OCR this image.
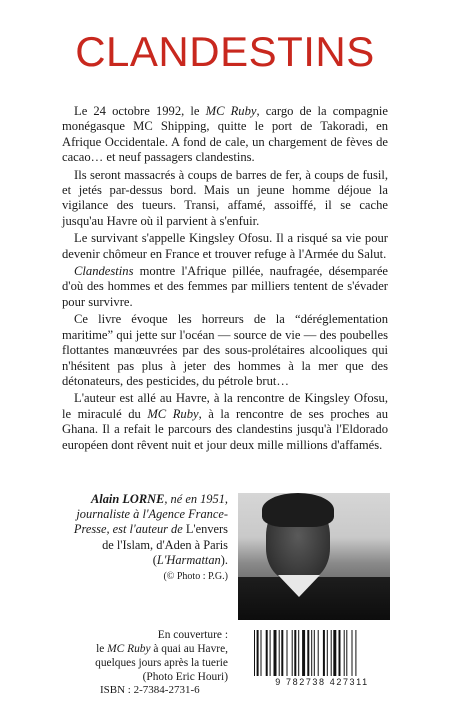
CLANDESTINS

Le 24 octobre 1992, le MC Ruby, cargo de la compagnie monégasque MC Shipping, quitte le port de Takoradi, en Afrique Occidentale. A fond de cale, un chargement de fèves de cacao… et neuf passagers clandestins.

Ils seront massacrés à coups de barres de fer, à coups de fusil, et jetés par-dessus bord. Mais un jeune homme déjoue la vigilance des tueurs. Transi, affamé, assoiffé, il se cache jusqu'au Havre où il parvient à s'enfuir.

Le survivant s'appelle Kingsley Ofosu. Il a risqué sa vie pour devenir chômeur en France et trouver refuge à l'Armée du Salut.

Clandestins montre l'Afrique pillée, naufragée, désemparée d'où des hommes et des femmes par milliers tentent de s'évader pour survivre.

Ce livre évoque les horreurs de la “déréglementation maritime” qui jette sur l'océan — source de vie — des poubelles flottantes manœuvrées par des sous-prolétaires alcooliques qui n'hésitent pas plus à jeter des hommes à la mer que des détonateurs, des pesticides, du pétrole brut…

L'auteur est allé au Havre, à la rencontre de Kingsley Ofosu, le miraculé du MC Ruby, à la rencontre de ses proches au Ghana. Il a refait le parcours des clandestins jusqu'à l'Eldorado européen dont rêvent nuit et jour deux mille millions d'affamés.

Alain LORNE, né en 1951, journaliste à l'Agence France-Presse, est l'auteur de L'envers de l'Islam, d'Aden à Paris (L'Harmattan).
(© Photo : P.G.)
En couverture :
le MC Ruby à quai au Havre,
quelques jours après la tuerie
(Photo Eric Houri)
ISBN : 2-7384-2731-6
9 782738 427311
